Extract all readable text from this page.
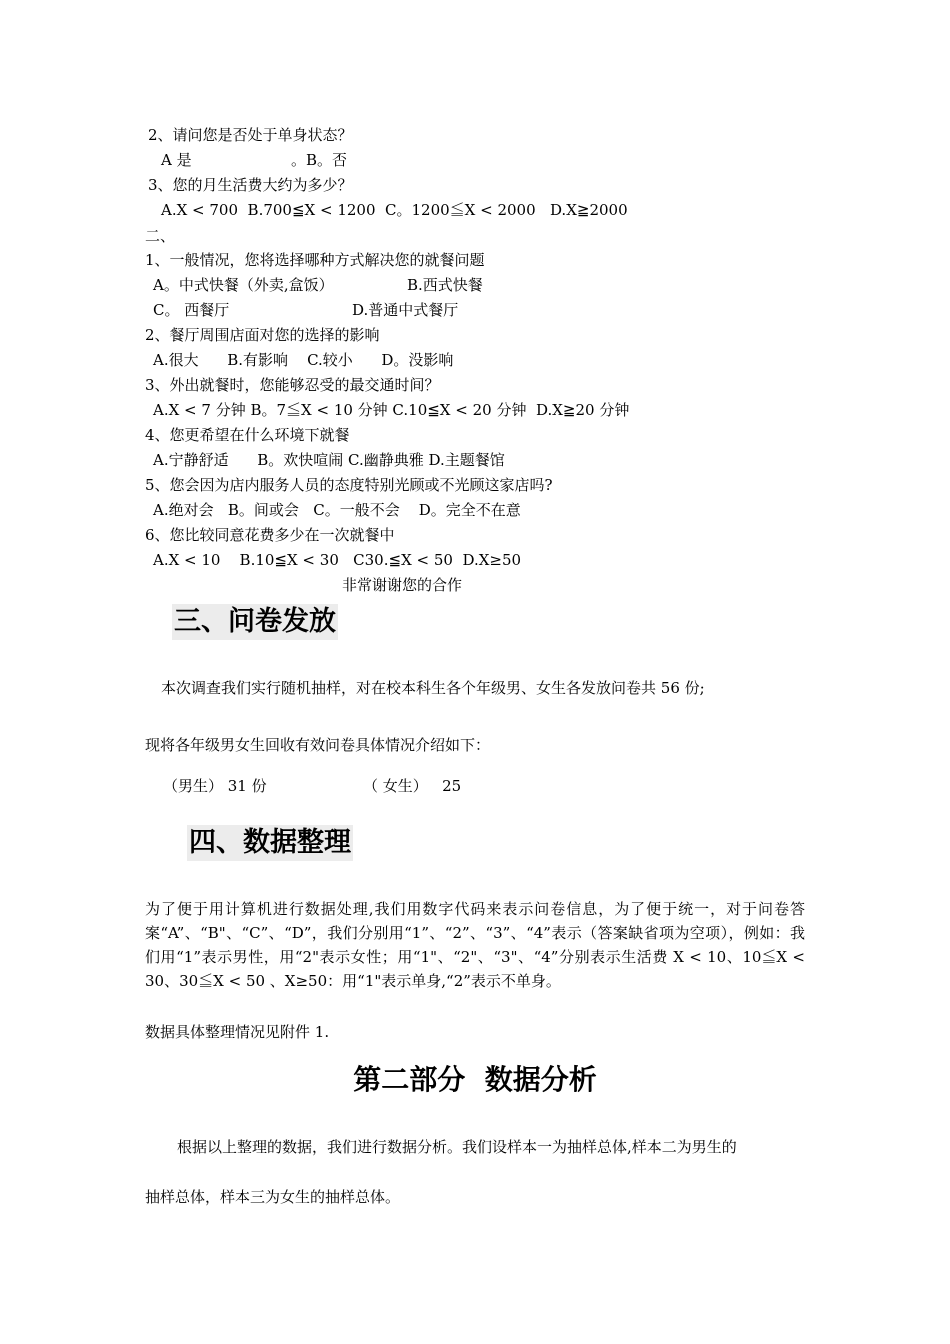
2、请问您是否处于单身状态？
A 是	。B。否
3、您的月生活费大约为多少？
A.X < 700  B.700≦X < 1200  C。1200≦X < 2000   D.X≧2000
二、
1、一般情况，您将选择哪种方式解决您的就餐问题
A。中式快餐（外卖,盒饭）	B.西式快餐
C。 西餐厅	D.普通中式餐厅
2、餐厅周围店面对您的选择的影响
A.很大      B.有影响    C.较小      D。没影响
3、外出就餐时，您能够忍受的最交通时间？
A.X < 7 分钟 B。7≦X < 10 分钟 C.10≦X < 20 分钟  D.X≧20 分钟
4、您更希望在什么环境下就餐
A.宁静舒适      B。欢快喧闹 C.幽静典雅 D.主题餐馆
5、您会因为店内服务人员的态度特别光顾或不光顾这家店吗?
A.绝对会   B。间或会   C。一般不会    D。完全不在意
6、您比较同意花费多少在一次就餐中
A.X < 10    B.10≦X < 30   C30.≦X < 50  D.X≥50
非常谢谢您的合作
三、问卷发放
本次调查我们实行随机抽样，对在校本科生各个年级男、女生各发放问卷共 56 份;
现将各年级男女生回收有效问卷具体情况介绍如下：
（男生） 31 份	（ 女生）   25
四、数据整理
为了便于用计算机进行数据处理,我们用数字代码来表示问卷信息，为了便于统一，对于问卷答案“A”、“B"、“C”、“D”，我们分别用“1”、“2”、“3”、“4”表示（答案缺省项为空项），例如：我们用“1”表示男性，用“2"表示女性；用“1"、“2"、“3"、“4”分别表示生活费 X < 10、10≦X < 30、30≦X < 50 、X≥50：用“1"表示单身,“2”表示不单身。
数据具体整理情况见附件 1.
第二部分  数据分析
根据以上整理的数据，我们进行数据分析。我们设样本一为抽样总体,样本二为男生的
抽样总体，样本三为女生的抽样总体。
